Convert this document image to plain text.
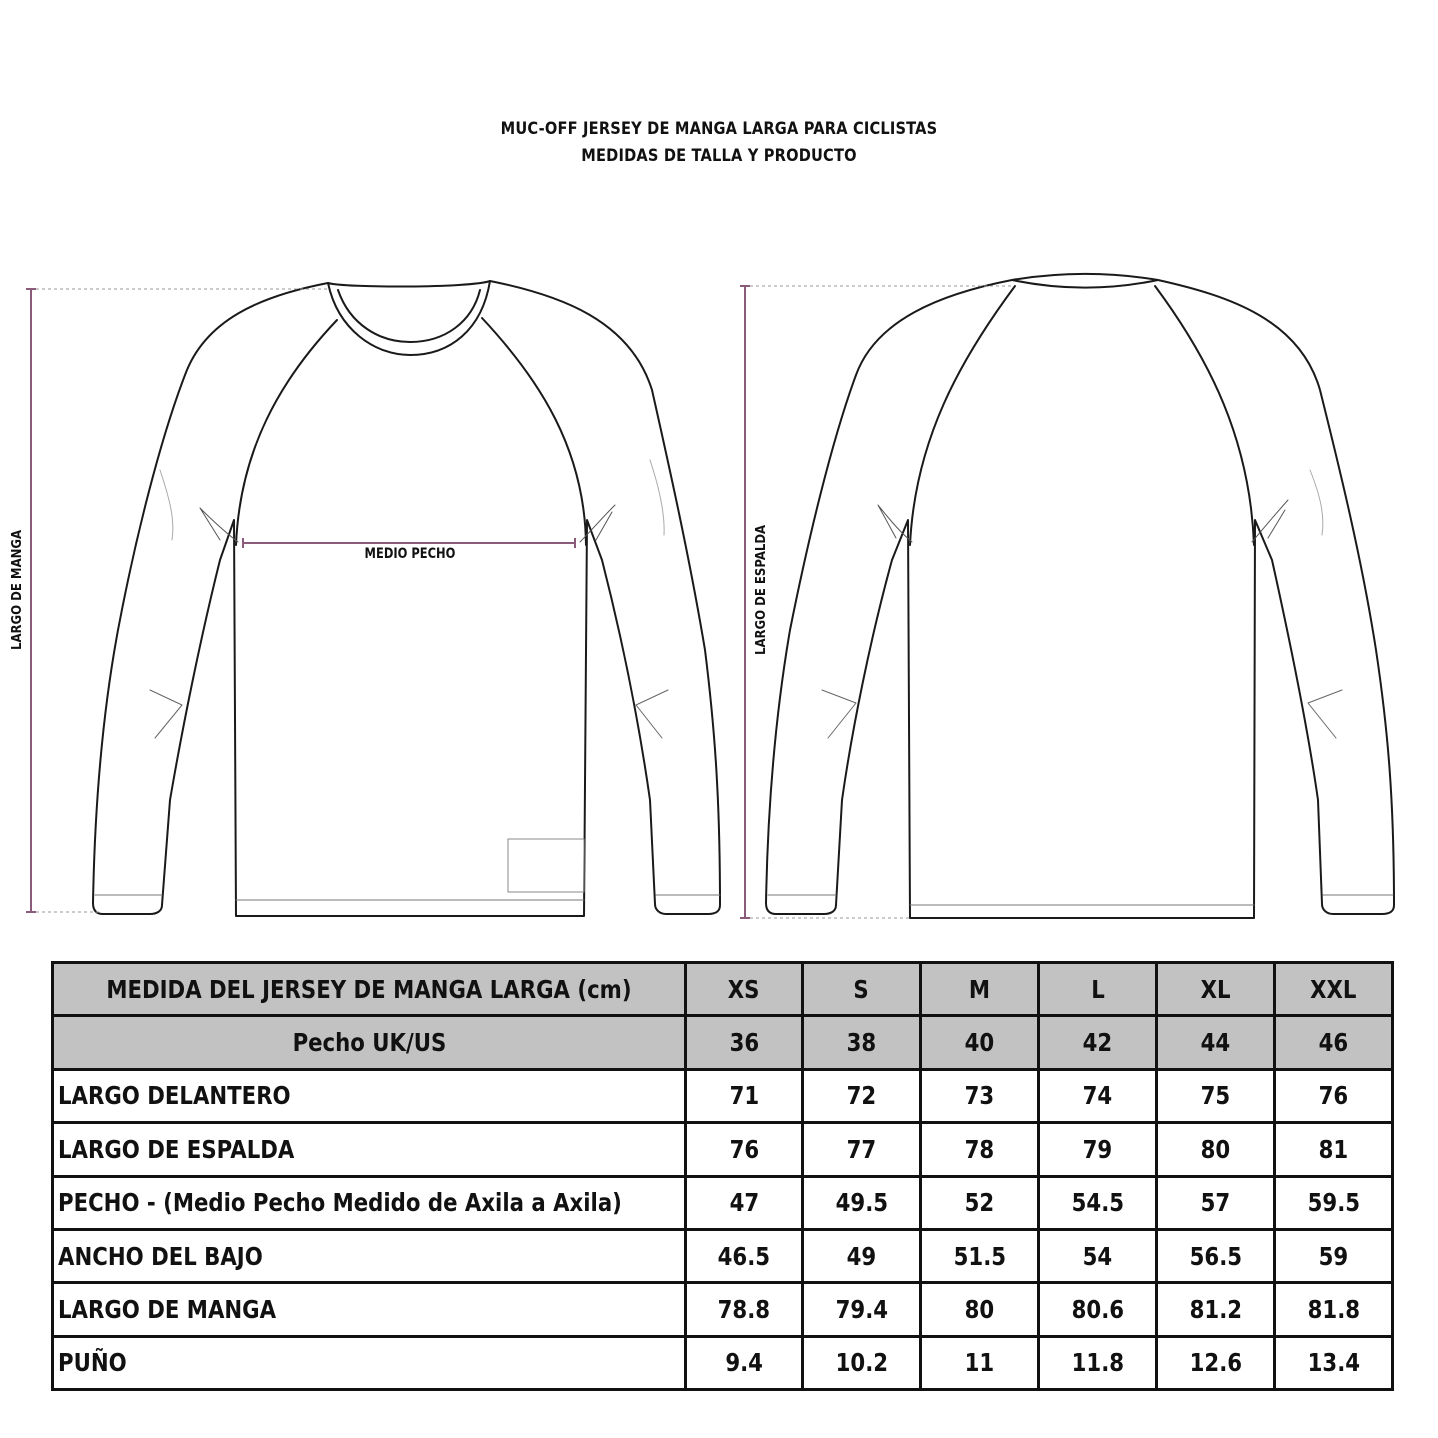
MUC-OFF JERSEY DE MANGA LARGA PARA CICLISTAS
MEDIDAS DE TALLA Y PRODUCTO
LARGO DE MANGA	MEDIO PECHO	LARGO DE ESPALDA
MEDIDA DEL JERSEY DE MANGA LARGA (cm)	XS	S	M	L	XL	XXL
Pecho UK/US	36	38	40	42	44	46
LARGO DELANTERO	71	72	73	74	75	76
LARGO DE ESPALDA	76	77	78	79	80	81
PECHO - (Medio Pecho Medido de Axila a Axila)	47	49.5	52	54.5	57	59.5
ANCHO DEL BAJO	46.5	49	51.5	54	56.5	59
LARGO DE MANGA	78.8	79.4	80	80.6	81.2	81.8
PUÑO	9.4	10.2	11	11.8	12.6	13.4
